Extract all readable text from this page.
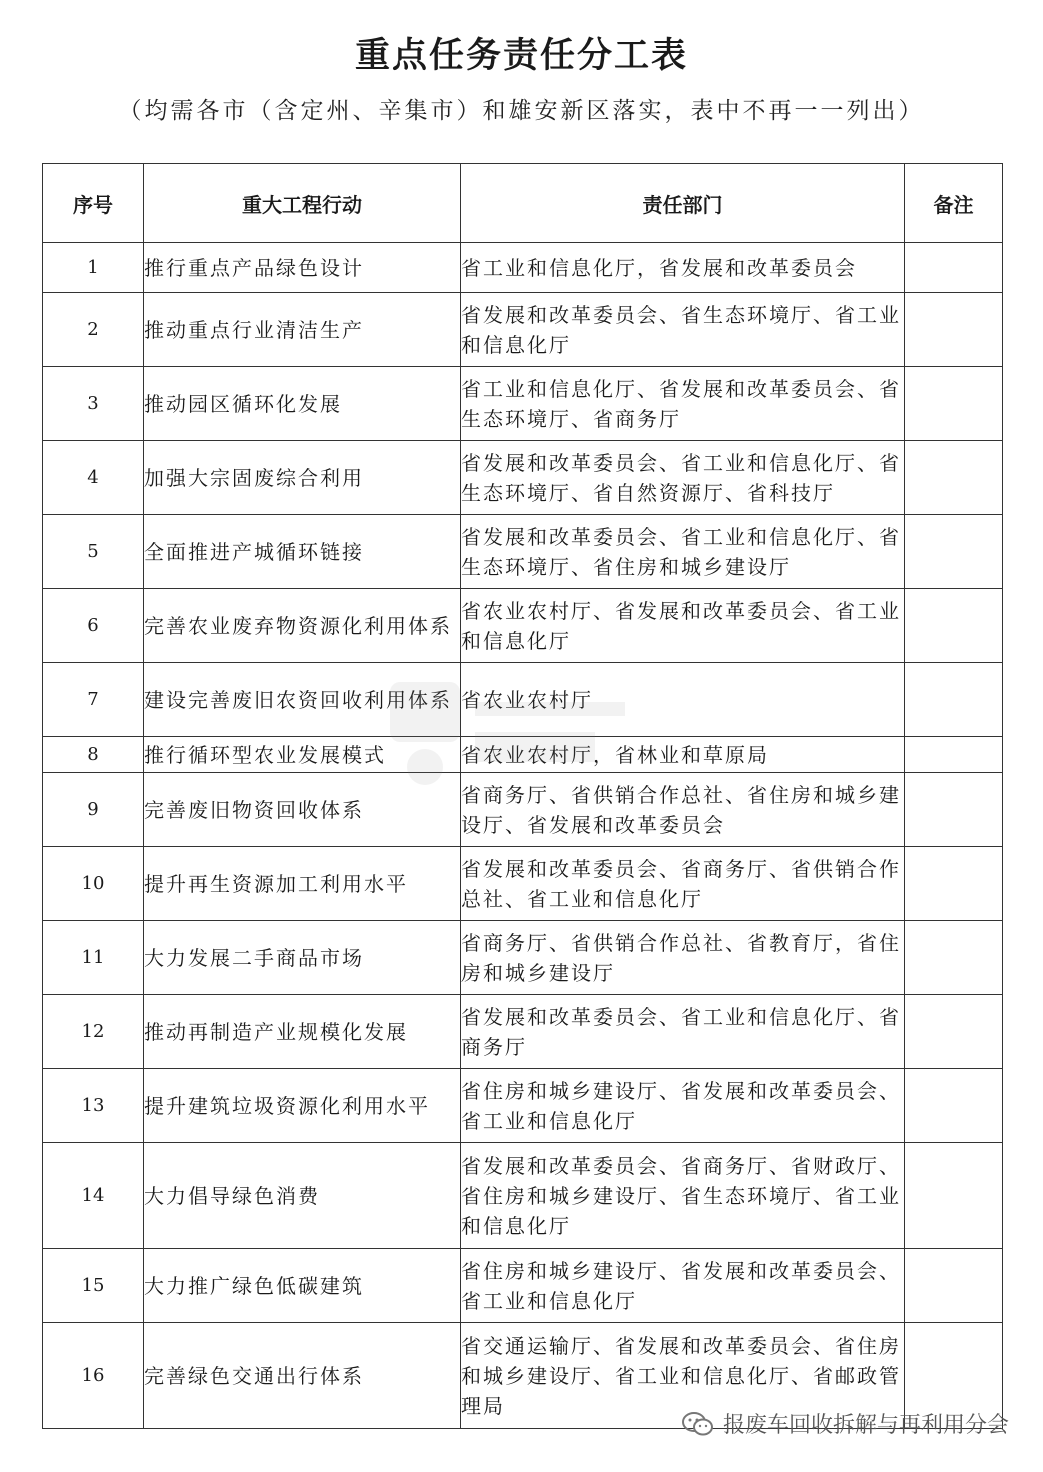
重点任务责任分工表
（均需各市（含定州、辛集市）和雄安新区落实，表中不再一一列出）
序号	重大工程行动	责任部门	备注
1	推行重点产品绿色设计	省工业和信息化厅，省发展和改革委员会	
2	推动重点行业清洁生产	省发展和改革委员会、省生态环境厅、省工业和信息化厅	
3	推动园区循环化发展	省工业和信息化厅、省发展和改革委员会、省生态环境厅、省商务厅	
4	加强大宗固废综合利用	省发展和改革委员会、省工业和信息化厅、省生态环境厅、省自然资源厅、省科技厅	
5	全面推进产城循环链接	省发展和改革委员会、省工业和信息化厅、省生态环境厅、省住房和城乡建设厅	
6	完善农业废弃物资源化利用体系	省农业农村厅、省发展和改革委员会、省工业和信息化厅	
7	建设完善废旧农资回收利用体系	省农业农村厅	
8	推行循环型农业发展模式	省农业农村厅，省林业和草原局	
9	完善废旧物资回收体系	省商务厅、省供销合作总社、省住房和城乡建设厅、省发展和改革委员会	
10	提升再生资源加工利用水平	省发展和改革委员会、省商务厅、省供销合作总社、省工业和信息化厅	
11	大力发展二手商品市场	省商务厅、省供销合作总社、省教育厅，省住房和城乡建设厅	
12	推动再制造产业规模化发展	省发展和改革委员会、省工业和信息化厅、省商务厅	
13	提升建筑垃圾资源化利用水平	省住房和城乡建设厅、省发展和改革委员会、省工业和信息化厅	
14	大力倡导绿色消费	省发展和改革委员会、省商务厅、省财政厅、省住房和城乡建设厅、省生态环境厅、省工业和信息化厅	
15	大力推广绿色低碳建筑	省住房和城乡建设厅、省发展和改革委员会、省工业和信息化厅	
16	完善绿色交通出行体系	省交通运输厅、省发展和改革委员会、省住房和城乡建设厅、省工业和信息化厅、省邮政管理局	
报废车回收拆解与再利用分会
